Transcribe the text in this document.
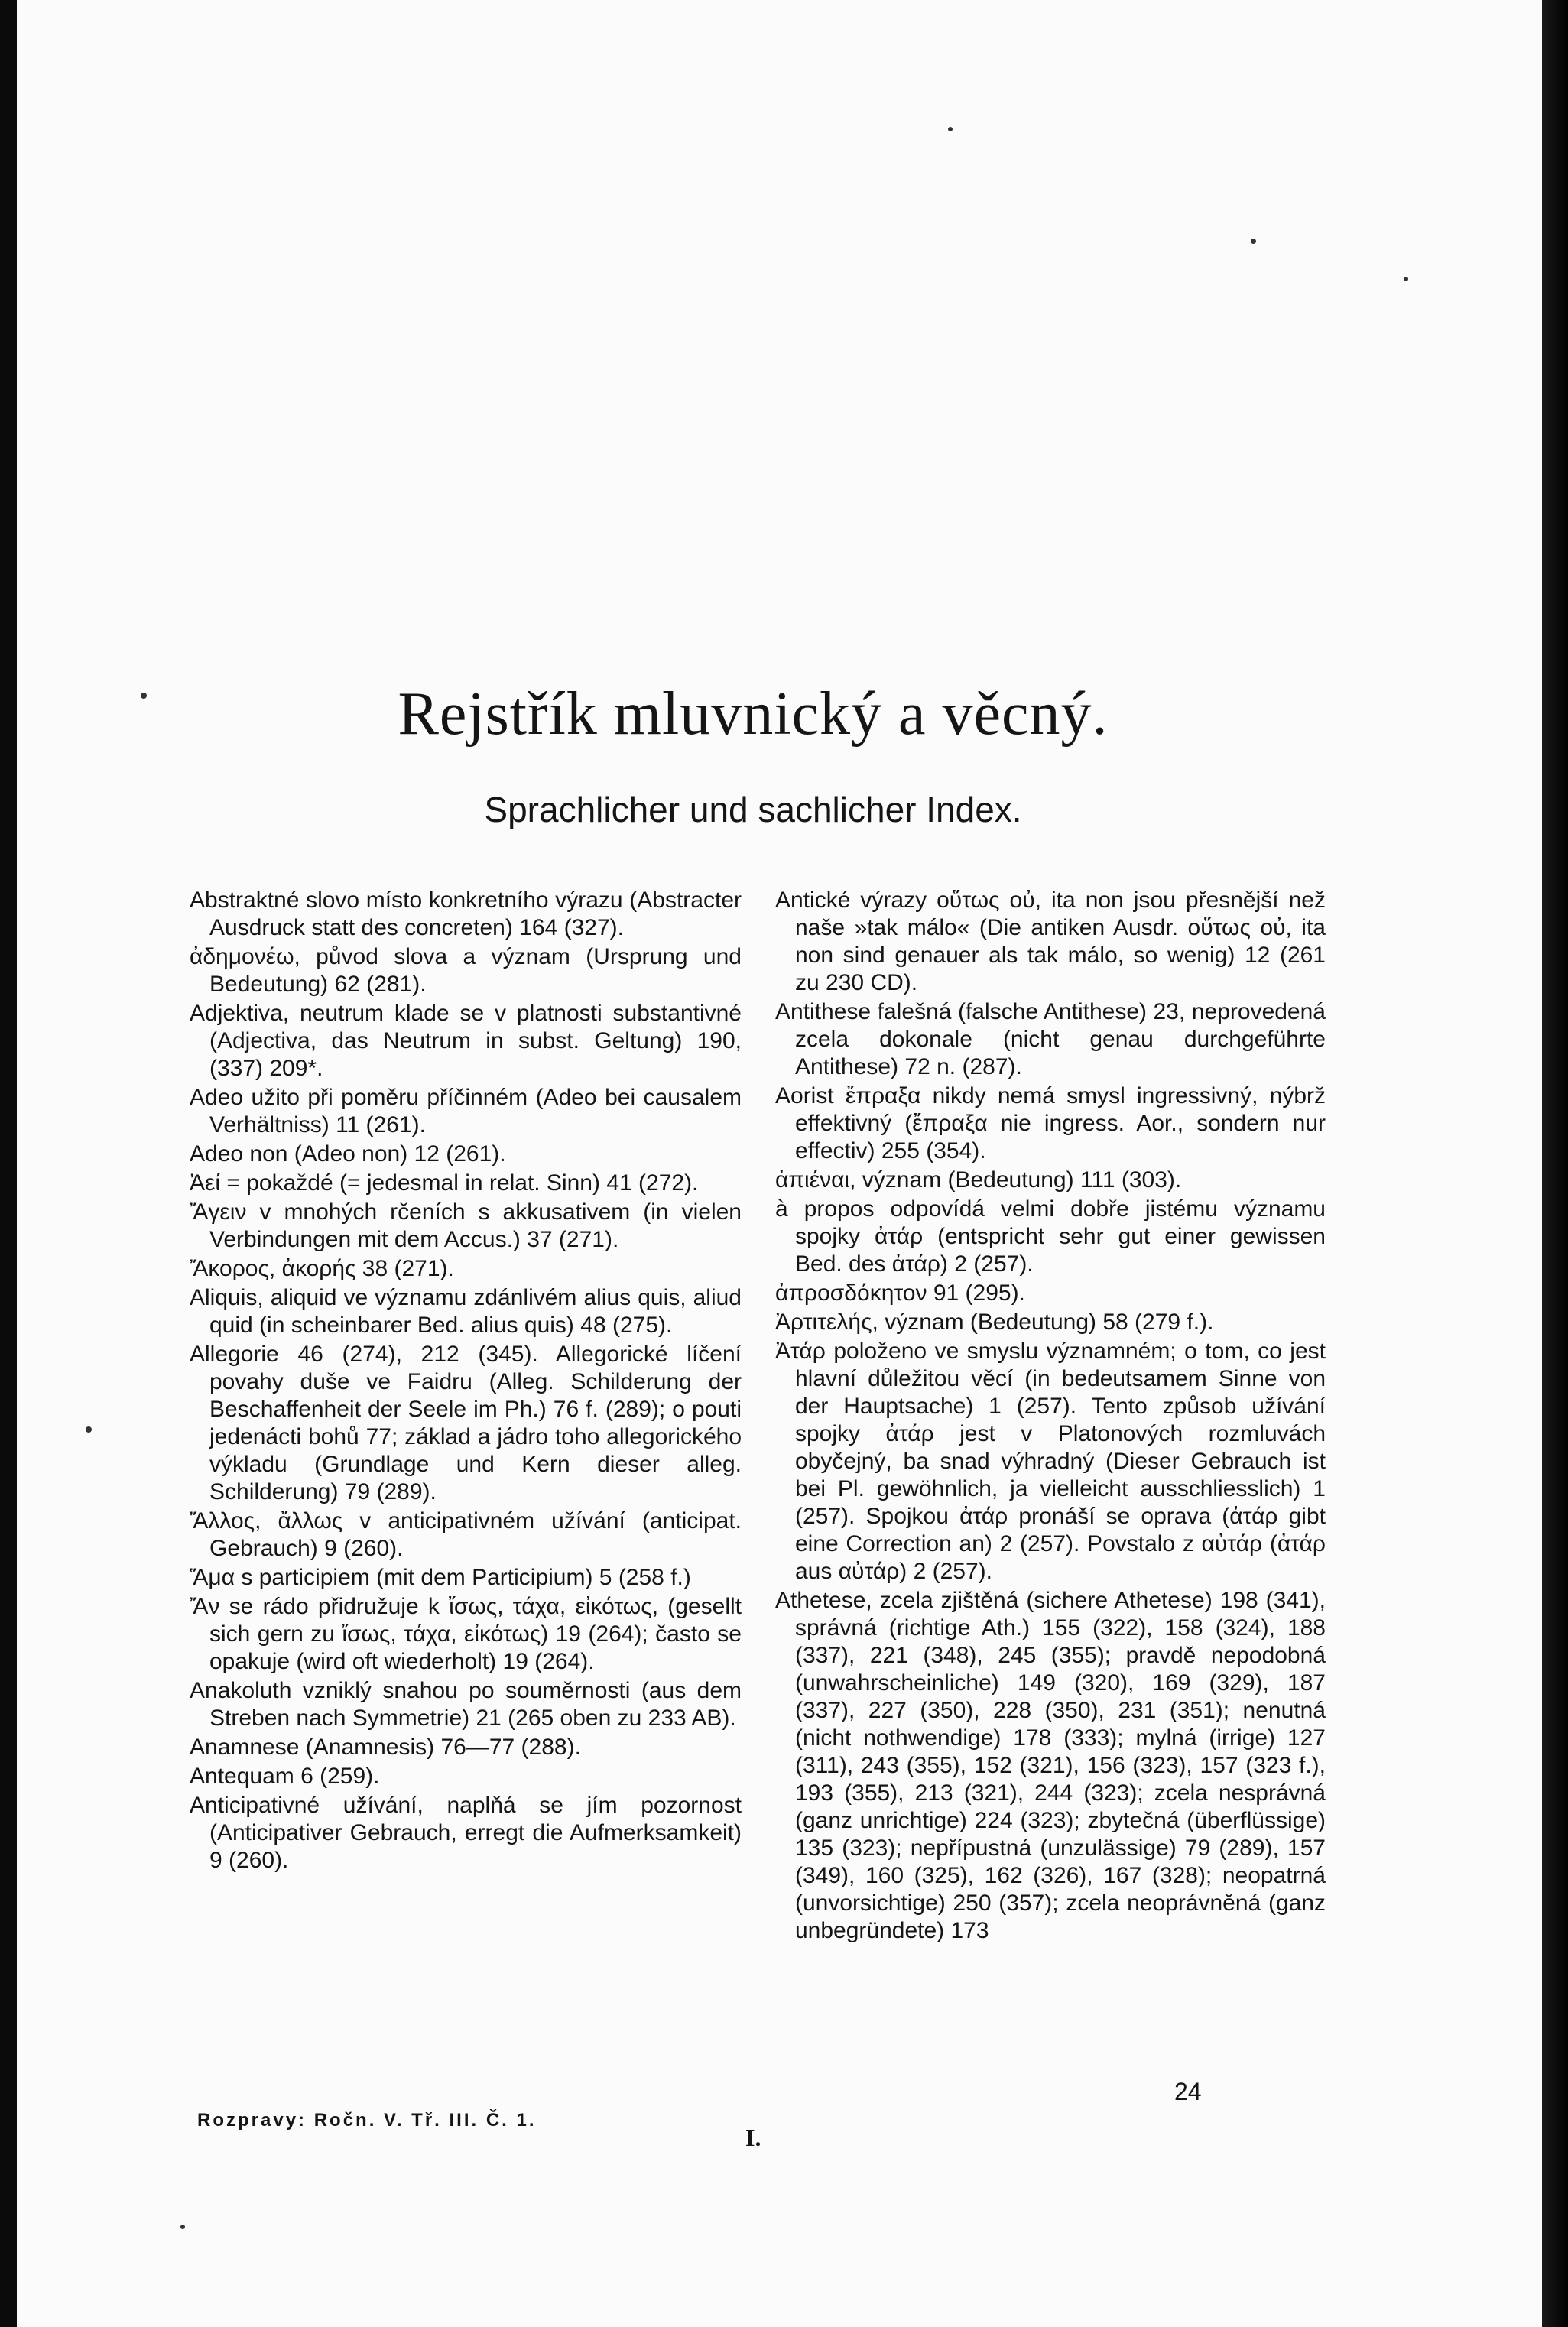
Rejstřík mluvnický a věcný.
Sprachlicher und sachlicher Index.

Abstraktné slovo místo konkretního výrazu (Abstracter Ausdruck statt des concreten) 164 (327).

ἀδημονέω, původ slova a význam (Ursprung und Bedeutung) 62 (281).

Adjektiva, neutrum klade se v platnosti substantivné (Adjectiva, das Neutrum in subst. Geltung) 190, (337) 209*.

Adeo užito při poměru příčinném (Adeo bei causalem Verhältniss) 11 (261).

Adeo non (Adeo non) 12 (261).

Ἀεί = pokaždé (= jedesmal in relat. Sinn) 41 (272).

Ἄγειν v mnohých rčeních s akkusativem (in vielen Verbindungen mit dem Accus.) 37 (271).

Ἄκορος, ἀκορής 38 (271).

Aliquis, aliquid ve významu zdánlivém alius quis, aliud quid (in scheinbarer Bed. alius quis) 48 (275).

Allegorie 46 (274), 212 (345). Allegorické líčení povahy duše ve Faidru (Alleg. Schilderung der Beschaffenheit der Seele im Ph.) 76 f. (289); o pouti jedenácti bohů 77; základ a jádro toho allegorického výkladu (Grundlage und Kern dieser alleg. Schilderung) 79 (289).

Ἄλλος, ἄλλως v anticipativném užívání (anticipat. Gebrauch) 9 (260).

Ἅμα s participiem (mit dem Participium) 5 (258 f.)

Ἄν se rádo přidružuje k ἴσως, τάχα, εἰκότως, (gesellt sich gern zu ἴσως, τάχα, εἰκότως) 19 (264); často se opakuje (wird oft wiederholt) 19 (264).

Anakoluth vzniklý snahou po souměrnosti (aus dem Streben nach Symmetrie) 21 (265 oben zu 233 AB).

Anamnese (Anamnesis) 76—77 (288).

Antequam 6 (259).

Anticipativné užívání, naplňá se jím pozornost (Anticipativer Gebrauch, erregt die Aufmerksamkeit) 9 (260).

Antické výrazy οὕτως οὐ, ita non jsou přesnější než naše »tak málo« (Die antiken Ausdr. οὕτως οὐ, ita non sind genauer als tak málo, so wenig) 12 (261 zu 230 CD).

Antithese falešná (falsche Antithese) 23, neprovedená zcela dokonale (nicht genau durchgeführte Antithese) 72 n. (287).

Aorist ἔπραξα nikdy nemá smysl ingressivný, nýbrž effektivný (ἔπραξα nie ingress. Aor., sondern nur effectiv) 255 (354).

ἀπιέναι, význam (Bedeutung) 111 (303).

à propos odpovídá velmi dobře jistému významu spojky ἀτάρ (entspricht sehr gut einer gewissen Bed. des ἀτάρ) 2 (257).

ἀπροσδόκητον 91 (295).

Ἀρτιτελής, význam (Bedeutung) 58 (279 f.).

Ἀτάρ položeno ve smyslu významném; o tom, co jest hlavní důležitou věcí (in bedeutsamem Sinne von der Hauptsache) 1 (257). Tento způsob užívání spojky ἀτάρ jest v Platonových rozmluvách obyčejný, ba snad výhradný (Dieser Gebrauch ist bei Pl. gewöhnlich, ja vielleicht ausschliesslich) 1 (257). Spojkou ἀτάρ pronáší se oprava (ἀτάρ gibt eine Correction an) 2 (257). Povstalo z αὐτάρ (ἀτάρ aus αὐτάρ) 2 (257).

Athetese, zcela zjištěná (sichere Athetese) 198 (341), správná (richtige Ath.) 155 (322), 158 (324), 188 (337), 221 (348), 245 (355); pravdě nepodobná (unwahrscheinliche) 149 (320), 169 (329), 187 (337), 227 (350), 228 (350), 231 (351); nenutná (nicht nothwendige) 178 (333); mylná (irrige) 127 (311), 243 (355), 152 (321), 156 (323), 157 (323 f.), 193 (355), 213 (321), 244 (323); zcela nesprávná (ganz unrichtige) 224 (323); zbytečná (überflüssige) 135 (323); nepřípustná (unzulässige) 79 (289), 157 (349), 160 (325), 162 (326), 167 (328); neopatrná (unvorsichtige) 250 (357); zcela neoprávněná (ganz unbegründete) 173

Rozpravy: Ročn. V. Tř. III. Č. 1.
I.
24
